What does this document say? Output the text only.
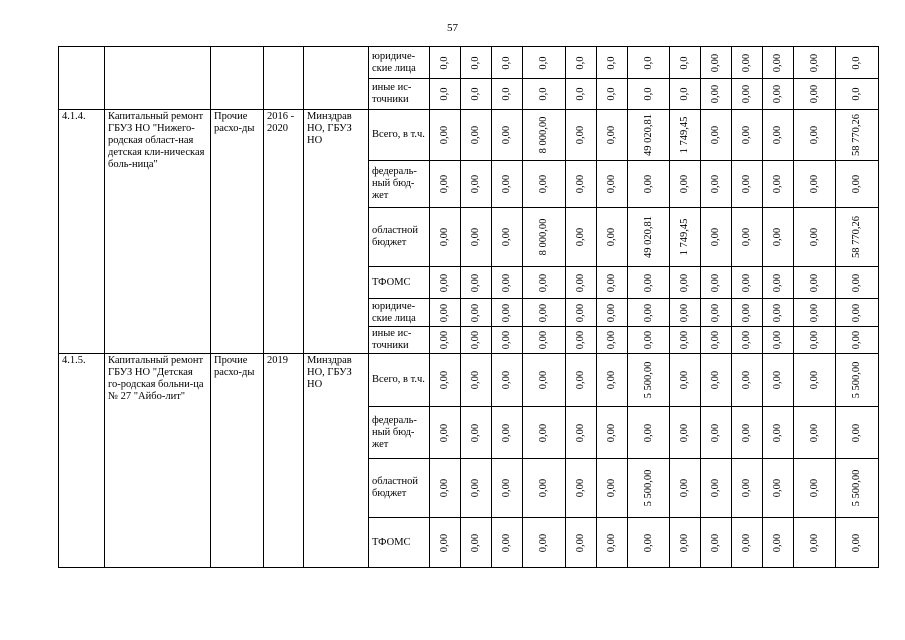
57
					юридиче-ские лица	0,0	0,0	0,0	0,0	0,0	0,0	0,0	0,0	0,00	0,00	0,00	0,00	0,0

					иные ис-точники	0,0	0,0	0,0	0,0	0,0	0,0	0,0	0,0	0,00	0,00	0,00	0,00	0,0

4.1.4.	Капитальный ремонт ГБУЗ НО "Нижего-родская област-ная детская кли-ническая боль-ница"	Прочие расхо-ды	2016 - 2020	Минздрав НО, ГБУЗ НО	Всего, в т.ч.	0,00	0,00	0,00	8 000,00	0,00	0,00	49 020,81	1 749,45	0,00	0,00	0,00	0,00	58 770,26

					федераль-ный бюд-жет	0,00	0,00	0,00	0,00	0,00	0,00	0,00	0,00	0,00	0,00	0,00	0,00	0,00

					областной бюджет	0,00	0,00	0,00	8 000,00	0,00	0,00	49 020,81	1 749,45	0,00	0,00	0,00	0,00	58 770,26

					ТФОМС	0,00	0,00	0,00	0,00	0,00	0,00	0,00	0,00	0,00	0,00	0,00	0,00	0,00

					юридиче-ские лица	0,00	0,00	0,00	0,00	0,00	0,00	0,00	0,00	0,00	0,00	0,00	0,00	0,00

					иные ис-точники	0,00	0,00	0,00	0,00	0,00	0,00	0,00	0,00	0,00	0,00	0,00	0,00	0,00

4.1.5.	Капитальный ремонт ГБУЗ НО "Детская го-родская больни-ца № 27 "Айбо-лит"	Прочие расхо-ды	2019	Минздрав НО, ГБУЗ НО	Всего, в т.ч.	0,00	0,00	0,00	0,00	0,00	0,00	5 500,00	0,00	0,00	0,00	0,00	0,00	5 500,00

					федераль-ный бюд-жет	0,00	0,00	0,00	0,00	0,00	0,00	0,00	0,00	0,00	0,00	0,00	0,00	0,00

					областной бюджет	0,00	0,00	0,00	0,00	0,00	0,00	5 500,00	0,00	0,00	0,00	0,00	0,00	5 500,00

					ТФОМС	0,00	0,00	0,00	0,00	0,00	0,00	0,00	0,00	0,00	0,00	0,00	0,00	0,00
